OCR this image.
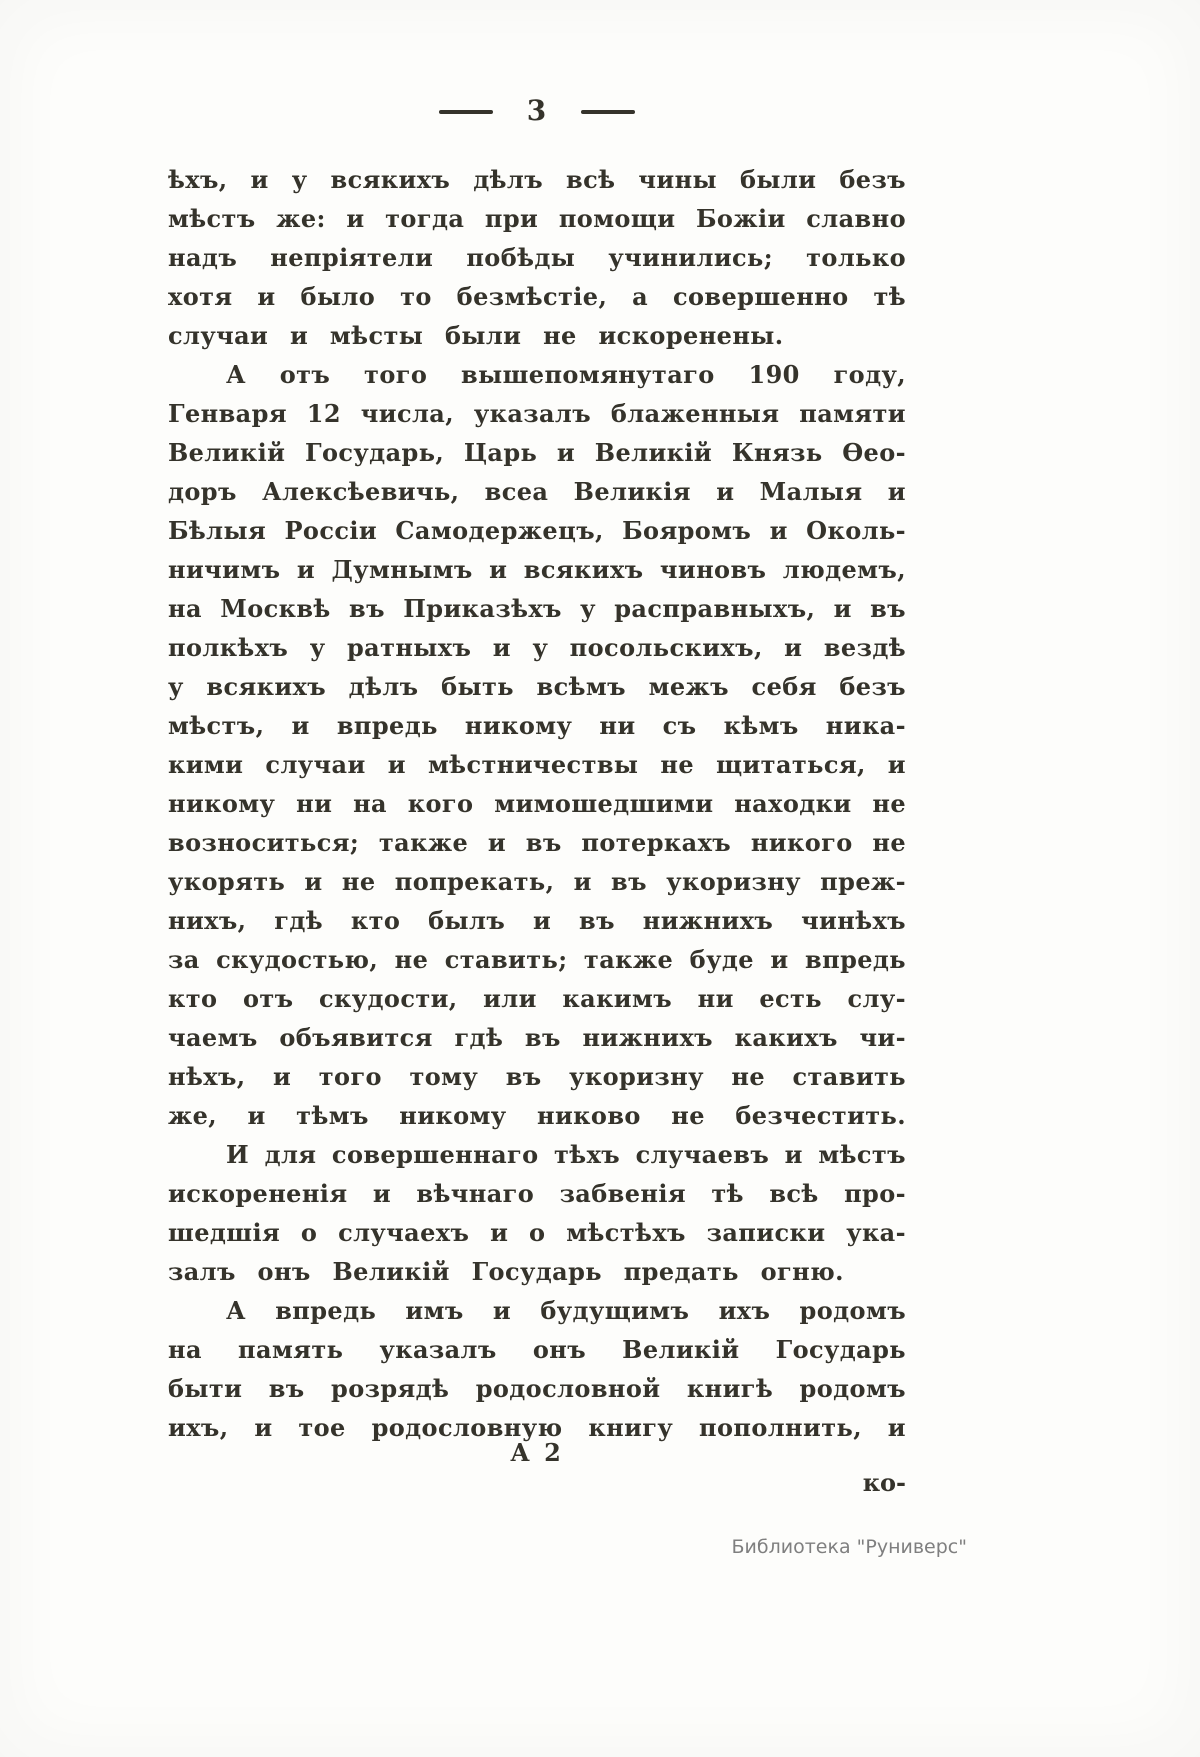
3
ѣхъ, и у всякихъ дѣлъ всѣ чины были безъ
мѣстъ же: и тогда при помощи Божіи славно
надъ непріятели побѣды учинились; только
хотя и было то безмѣстіе, а совершенно тѣ
случаи и мѣсты были не искоренены.
А отъ того вышепомянутаго 190 году,
Генваря 12 числа, указалъ блаженныя памяти
Великій Государь, Царь и Великій Князь Ѳео-
доръ Алексѣевичь, всеа Великія и Малыя и
Бѣлыя Россіи Самодержецъ, Бояромъ и Околь-
ничимъ и Думнымъ и всякихъ чиновъ людемъ,
на Москвѣ въ Приказѣхъ у расправныхъ, и въ
полкѣхъ у ратныхъ и у посольскихъ, и вездѣ
у всякихъ дѣлъ быть всѣмъ межъ себя безъ
мѣстъ, и впредь никому ни съ кѣмъ ника-
кими случаи и мѣстничествы не щитаться, и
никому ни на кого мимошедшими находки не
возноситься; также и въ потеркахъ никого не
укорять и не попрекать, и въ укоризну преж-
нихъ, гдѣ кто былъ и въ нижнихъ чинѣхъ
за скудостью, не ставить; также буде и впредь
кто отъ скудости, или какимъ ни есть слу-
чаемъ объявится гдѣ въ нижнихъ какихъ чи-
нѣхъ, и того тому въ укоризну не ставить
же, и тѣмъ никому никово не безчестить.
И для совершеннаго тѣхъ случаевъ и мѣстъ
искорененія и вѣчнаго забвенія тѣ всѣ про-
шедшія о случаехъ и о мѣстѣхъ записки ука-
залъ онъ Великій Государь предать огню.
А впредь имъ и будущимъ ихъ родомъ
на память указалъ онъ Великій Государь
быти въ розрядѣ родословной книгѣ родомъ
ихъ, и тое родословную книгу пополнить, и
А 2
ко-
Библиотека "Руниверс"
